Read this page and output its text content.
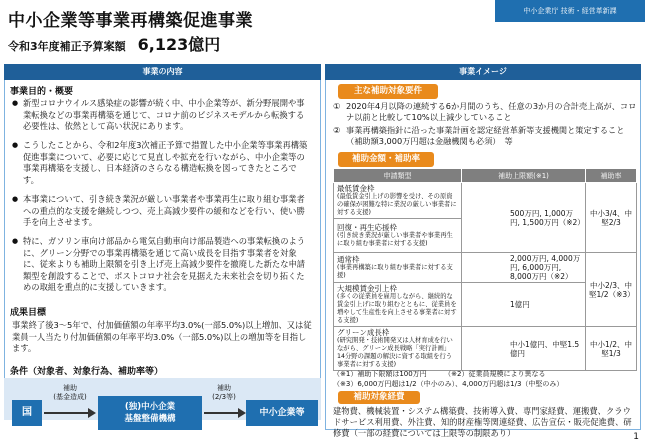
中小企業等事業再構築促進事業
令和3年度補正予算案額 6,123億円
中小企業庁 技術・経営革新課
事業の内容
事業目的・概要
● 新型コロナウイルス感染症の影響が続く中、中小企業等が、新分野展開や事業転換などの事業再構築を通じて、コロナ前のビジネスモデルから転換する必要性は、依然として高い状況にあります。
● こうしたことから、令和2年度3次補正予算で措置した中小企業等事業再構築促進事業について、必要に応じて見直しや拡充を行いながら、中小企業等の事業再構築を支援し、日本経済のさらなる構造転換を図ってきたところです。
● 本事業について、引き続き業況が厳しい事業者や事業再生に取り組む事業者への重点的な支援を継続しつつ、売上高減少要件の緩和などを行い、使い勝手を向上させます。
● 特に、ガソリン車向け部品から電気自動車向け部品製造への事業転換のように、グリーン分野での事業再構築を通じて高い成長を目指す事業者を対象に、従来よりも補助上限額を引き上げ売上高減少要件を撤廃した新たな申請類型を創設することで、ポストコロナ社会を見据えた未来社会を切り拓くための取組を重点的に支援していきます。
成果目標
事業終了後3～5年で、付加価値額の年率平均3.0%(一部5.0%)以上増加、又は従業員一人当たり付加価値額の年率平均3.0%（一部5.0%)以上の増加等を目指します。
条件（対象者、対象行為、補助率等）
国
補助
(基金造成)
(独)中小企業
基盤整備機構
補助
(2/3等)
中小企業等
事業イメージ
主な補助対象要件
① 2020年4月以降の連続する6か月間のうち、任意の3か月の合計売上高が、コロナ以前と比較して10%以上減少していること
② 事業再構築指針に沿った事業計画を認定経営革新等支援機関と策定すること（補助額3,000万円超は金融機関も必須）　等
補助金額・補助率
申請類型	補助上限額(※1)	補助率

最低賃金枠
(最低賃金引上げの影響を受け、その原資の確保が困難な特に業況の厳しい事業者に対する支援)	500万円, 1,000万円, 1,500万円（※2）	中小3/4、中堅2/3

回復・再生応援枠
(引き続き業況が厳しい事業者や事業再生に取り組む事業者に対する支援)		

通常枠
(事業再構築に取り組む事業者に対する支援)	2,000万円, 4,000万円, 6,000万円, 8,000万円（※2）	中小2/3、中堅1/2（※3）

大規模賃金引上枠
(多くの従業員を雇用しながら、継続的な賃金引上げに取り組むとともに、従業員を増やして生産性を向上させる事業者に対する支援)	1億円	

グリーン成長枠
(研究開発・技術開発又は人材育成を行いながら、グリーン成長戦略「実行計画」14分野の課題の解決に資する取組を行う事業者に対する支援)	中小1億円、中堅1.5億円	中小1/2、中堅1/3
（※1）補助下限額は100万円　　　（※2）従業員規模により異なる
（※3）6,000万円超は1/2（中小のみ）、4,000万円超は1/3（中堅のみ）
補助対象経費
建物費、機械装置・システム構築費、技術導入費、専門家経費、運搬費、クラウドサービス利用費、外注費、知的財産権等関連経費、広告宣伝・販売促進費、研修費（一部の経費については上限等の制限あり）	1
